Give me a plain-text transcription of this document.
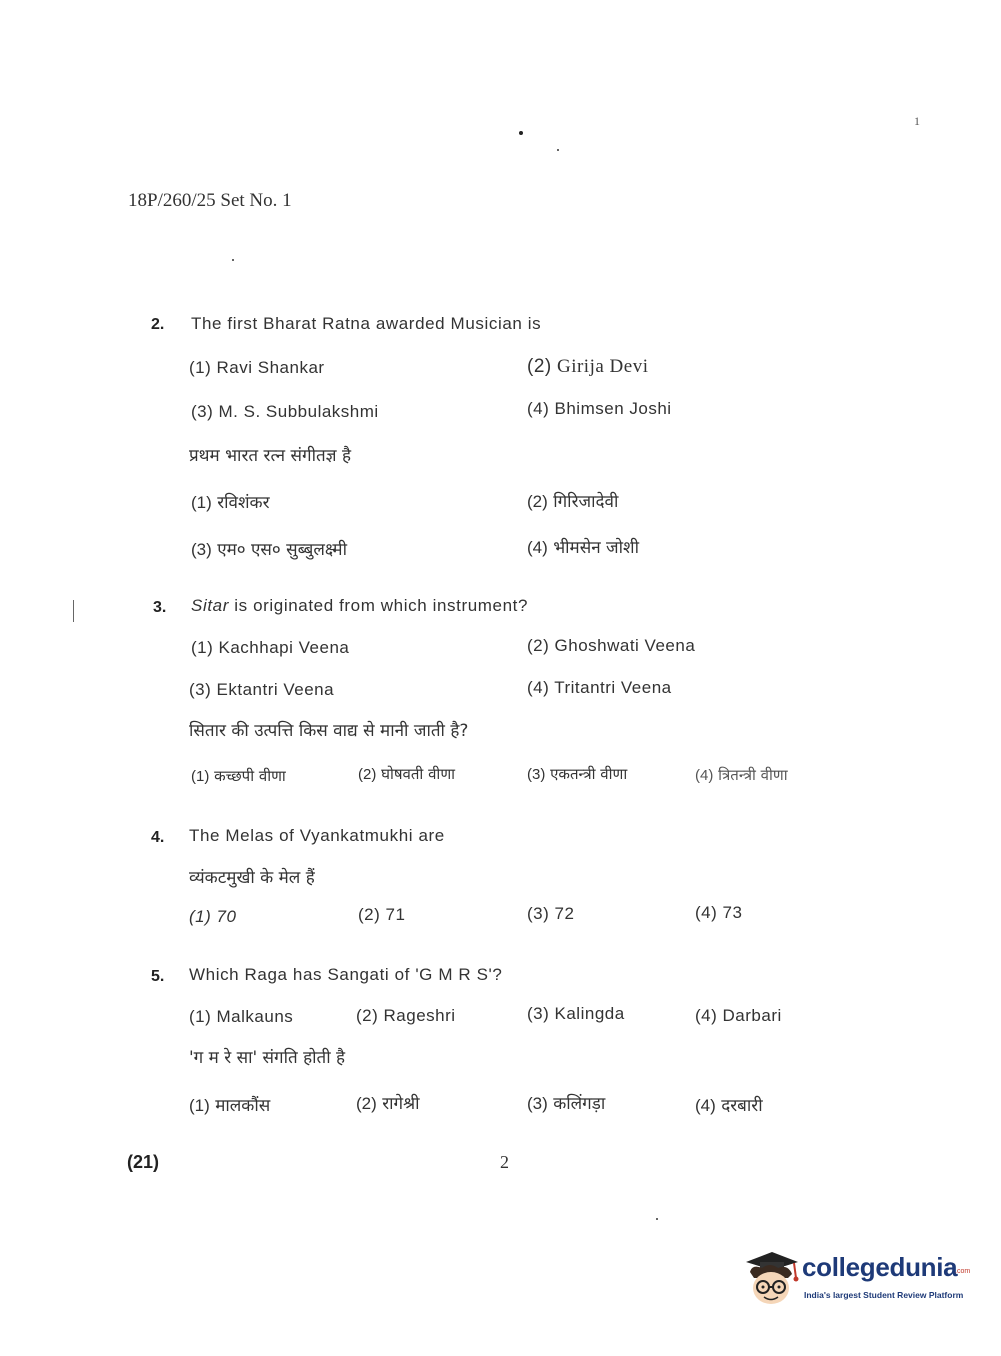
1
18P/260/25 Set No. 1
2. The first Bharat Ratna awarded Musician is
(1) Ravi Shankar	(2) Girija Devi
(3) M. S. Subbulakshmi	(4) Bhimsen Joshi
प्रथम भारत रत्न संगीतज्ञ है
(1) रविशंकर	(2) गिरिजादेवी
(3) एम० एस० सुब्बुलक्ष्मी	(4) भीमसेन जोशी
3. Sitar is originated from which instrument?
(1) Kachhapi Veena	(2) Ghoshwati Veena
(3) Ektantri Veena	(4) Tritantri Veena
सितार की उत्पत्ति किस वाद्य से मानी जाती है?
(1) कच्छपी वीणा	(2) घोषवती वीणा	(3) एकतन्त्री वीणा	(4) त्रितन्त्री वीणा
4. The Melas of Vyankatmukhi are
व्यंकटमुखी के मेल हैं
(1) 70	(2) 71	(3) 72	(4) 73
5. Which Raga has Sangati of 'G M R S'?
(1) Malkauns	(2) Rageshri	(3) Kalingda	(4) Darbari
'ग म रे सा' संगति होती है
(1) मालकौंस	(2) रागेश्री	(3) कलिंगड़ा	(4) दरबारी
(21)	2
collegedunia
.com
India's largest Student Review Platform
